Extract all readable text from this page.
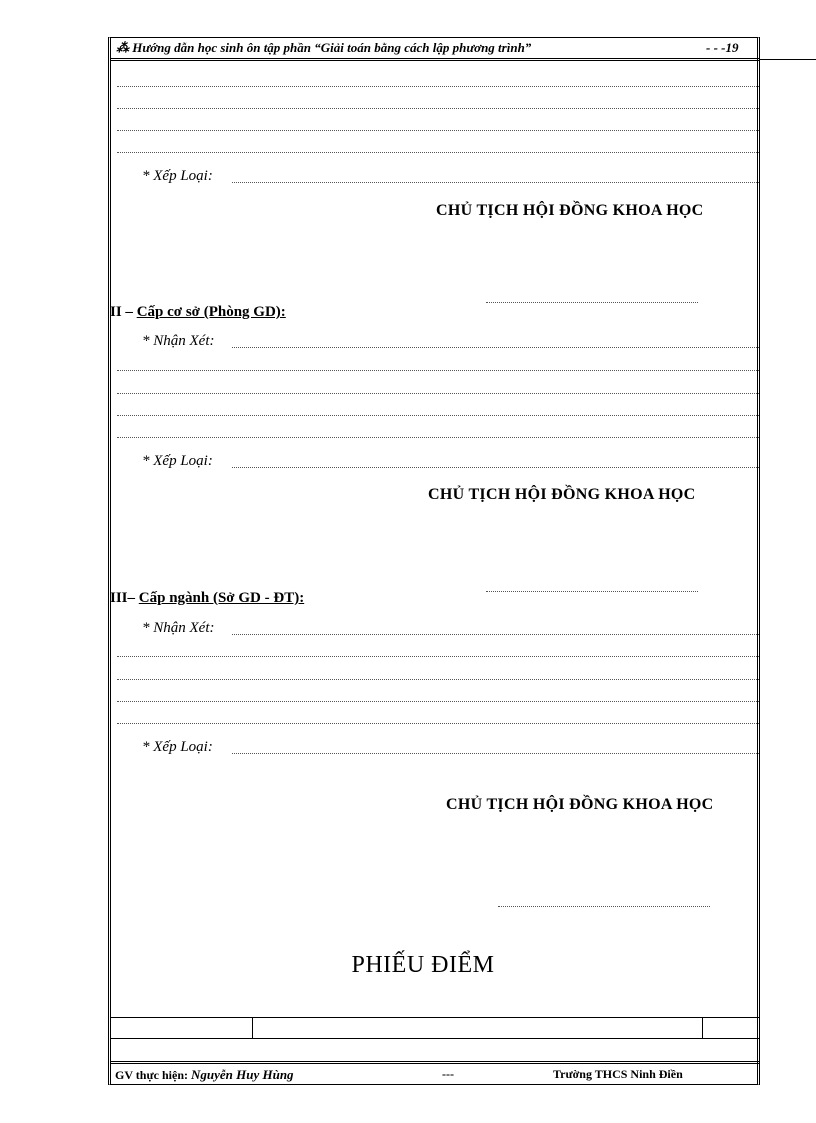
⁂ Hướng dẫn học sinh ôn tập phần “Giải toán bằng cách lập phương trình”	- - -19
* Xếp Loại:
CHỦ TỊCH HỘI ĐỒNG KHOA HỌC
II – Cấp cơ sở (Phòng GD):
* Nhận Xét:
* Xếp Loại:
CHỦ TỊCH HỘI ĐỒNG KHOA HỌC
III– Cấp ngành (Sở GD - ĐT):
* Nhận Xét:
* Xếp Loại:
CHỦ TỊCH HỘI ĐỒNG KHOA HỌC
PHIẾU ĐIỂM
GV thực hiện: Nguyễn Huy Hùng	---	Trường THCS Ninh Điền
